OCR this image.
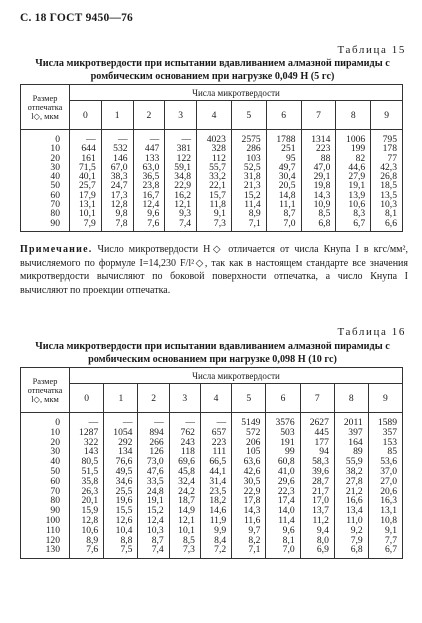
С. 18 ГОСТ 9450—76
Таблица 15
Числа микротвердости при испытании вдавливанием алмазной пирамиды с ромбическим основанием при нагрузке 0,049 Н (5 гс)
Размер отпечатка l◇, мкм	Числа микротвердости									
	0	1	2	3	4	5	6	7	8	9
0	—	—	—	—	4023	2575	1788	1314	1006	795
10	644	532	447	381	328	286	251	223	199	178
20	161	146	133	122	112	103	95	88	82	77
30	71,5	67,0	63,0	59,1	55,7	52,5	49,7	47,0	44,6	42,3
40	40,1	38,3	36,5	34,8	33,2	31,8	30,4	29,1	27,9	26,8
50	25,7	24,7	23,8	22,9	22,1	21,3	20,5	19,8	19,1	18,5
60	17,9	17,3	16,7	16,2	15,7	15,2	14,8	14,3	13,9	13,5
70	13,1	12,8	12,4	12,1	11,8	11,4	11,1	10,9	10,6	10,3
80	10,1	9,8	9,6	9,3	9,1	8,9	8,7	8,5	8,3	8,1
90	7,9	7,8	7,6	7,4	7,3	7,1	7,0	6,8	6,7	6,6
Примечание. Число микротвердости H◇ отличается от числа Кнупа I в кгс/мм², вычисляемого по формуле I=14,230 F/l²◇, так как в настоящем стандарте все значения микротвердости вычисляют по боковой поверхности отпечатка, а число Кнупа I вычисляют по проекции отпечатка.
Таблица 16
Числа микротвердости при испытании вдавливанием алмазной пирамиды с ромбическим основанием при нагрузке 0,098 Н (10 гс)
Размер отпечатка l◇, мкм	Числа микротвердости									
	0	1	2	3	4	5	6	7	8	9
0	—	—	—	—	—	5149	3576	2627	2011	1589
10	1287	1054	894	762	657	572	503	445	397	357
20	322	292	266	243	223	206	191	177	164	153
30	143	134	126	118	111	105	99	94	89	85
40	80,5	76,6	73,0	69,6	66,5	63,6	60,8	58,3	55,9	53,6
50	51,5	49,5	47,6	45,8	44,1	42,6	41,0	39,6	38,2	37,0
60	35,8	34,6	33,5	32,4	31,4	30,5	29,6	28,7	27,8	27,0
70	26,3	25,5	24,8	24,2	23,5	22,9	22,3	21,7	21,2	20,6
80	20,1	19,6	19,1	18,7	18,2	17,8	17,4	17,0	16,6	16,3
90	15,9	15,5	15,2	14,9	14,6	14,3	14,0	13,7	13,4	13,1
100	12,8	12,6	12,4	12,1	11,9	11,6	11,4	11,2	11,0	10,8
110	10,6	10,4	10,3	10,1	9,9	9,7	9,6	9,4	9,2	9,1
120	8,9	8,8	8,7	8,5	8,4	8,2	8,1	8,0	7,9	7,7
130	7,6	7,5	7,4	7,3	7,2	7,1	7,0	6,9	6,8	6,7
